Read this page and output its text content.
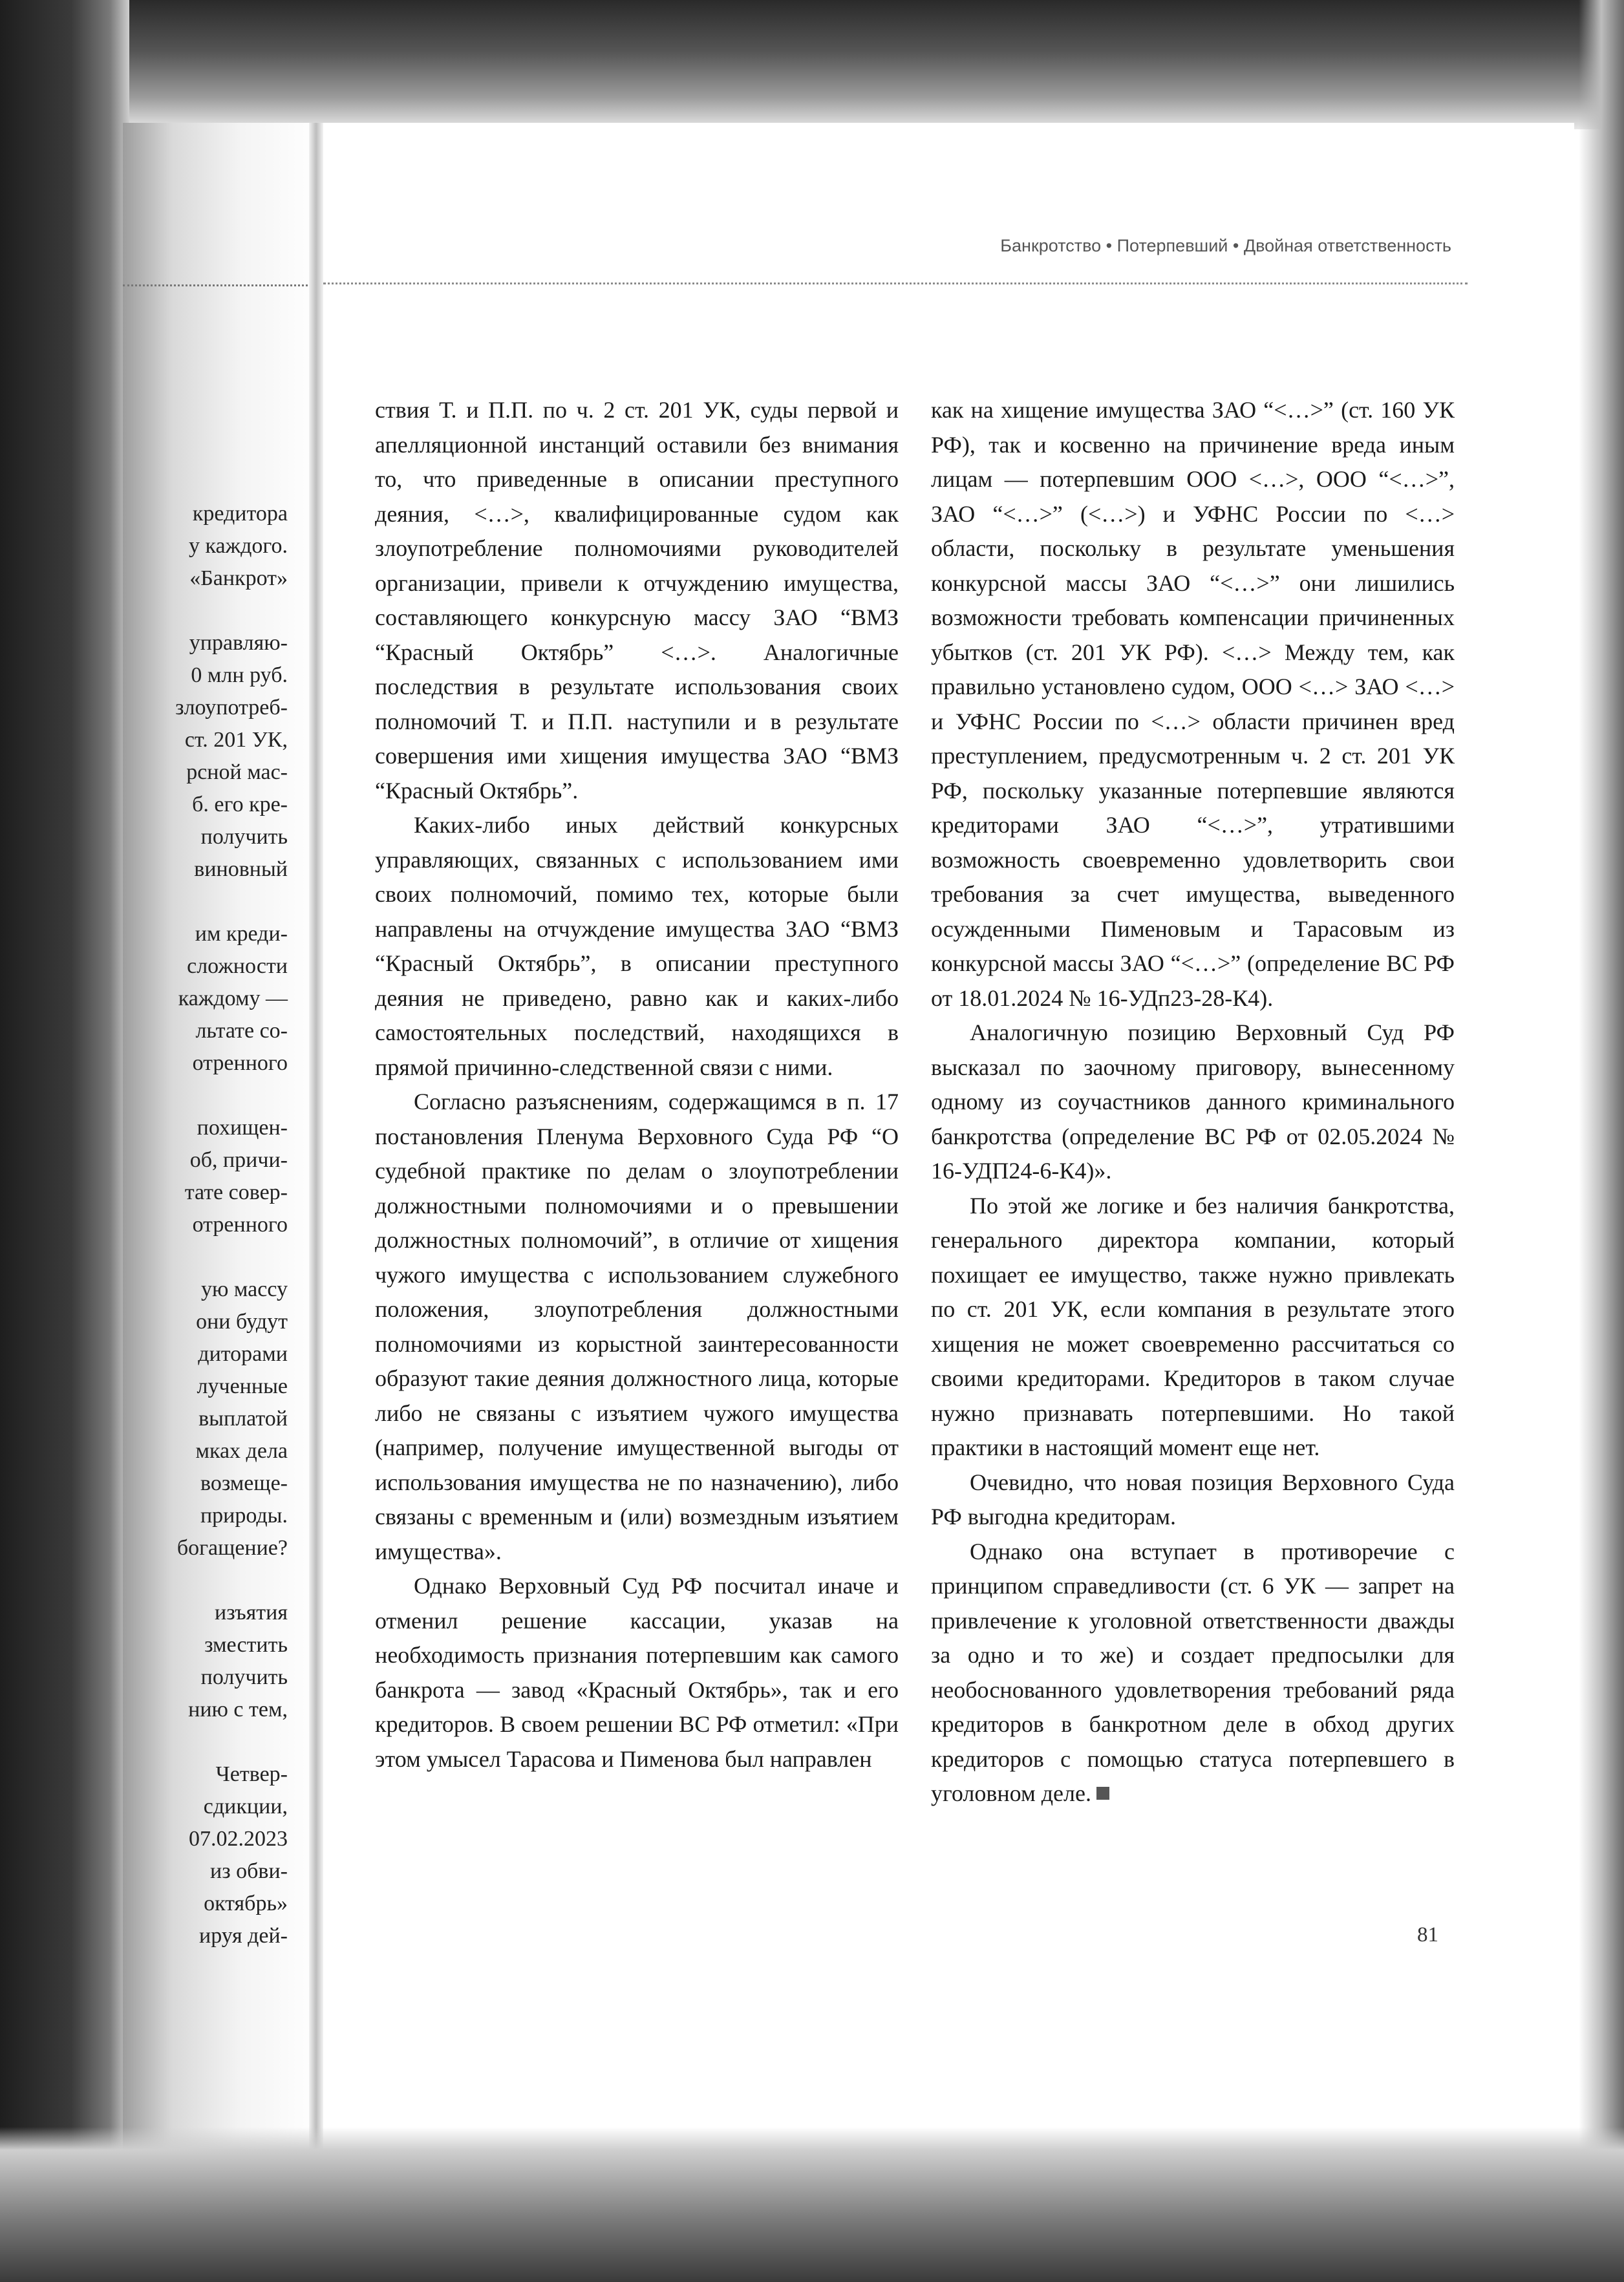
кредитора
у каждого.
«Банкрот»
управляю-
0 млн руб.
злоупотреб-
ст. 201 УК,
рсной мас-
б. его кре-
получить
виновный
им креди-
сложности
каждому —
льтате со-
отренного
похищен-
об, причи-
тате совер-
отренного
ую массу
они будут
диторами
лученные
выплатой
мках дела
возмеще-
природы.
богащение?
изъятия
зместить
получить
нию с тем,
Четвер-
сдикции,
07.02.2023
из обви-
октябрь»
ируя дей-
Банкротство • Потерпевший • Двойная ответственность

ствия Т. и П.П. по ч. 2 ст. 201 УК, суды первой и апелляционной инстанций оставили без внимания то, что приведенные в описании преступного деяния, <…>, квалифицированные судом как злоупотребление полномочиями руководителей организации, привели к отчуждению имущества, составляющего конкурсную массу ЗАО “ВМЗ “Красный Октябрь” <…>. Аналогичные последствия в результате использования своих полномочий Т. и П.П. наступили и в результате совершения ими хищения имущества ЗАО “ВМЗ “Красный Октябрь”.

Каких-либо иных действий конкурсных управляющих, связанных с использованием ими своих полномочий, помимо тех, которые были направлены на отчуждение имущества ЗАО “ВМЗ “Красный Октябрь”, в описании преступного деяния не приведено, равно как и каких-либо самостоятельных последствий, находящихся в прямой причинно-следственной связи с ними.

Согласно разъяснениям, содержащимся в п. 17 постановления Пленума Верховного Суда РФ “О судебной практике по делам о злоупотреблении должностными полномочиями и о превышении должностных полномочий”, в отличие от хищения чужого имущества с использованием служебного положения, злоупотребления должностными полномочиями из корыстной заинтересованности образуют такие деяния должностного лица, которые либо не связаны с изъятием чужого имущества (например, получение имущественной выгоды от использования имущества не по назначению), либо связаны с временным и (или) возмездным изъятием имущества».

Однако Верховный Суд РФ посчитал иначе и отменил решение кассации, указав на необходимость признания потерпевшим как самого банкрота — завод «Красный Октябрь», так и его кредиторов. В своем решении ВС РФ отметил: «При этом умысел Тарасова и Пименова был направлен

как на хищение имущества ЗАО “<…>” (ст. 160 УК РФ), так и косвенно на причинение вреда иным лицам — потерпевшим ООО <…>, ООО “<…>”, ЗАО “<…>” (<…>) и УФНС России по <…> области, поскольку в результате уменьшения конкурсной массы ЗАО “<…>” они лишились возможности требовать компенсации причиненных убытков (ст. 201 УК РФ). <…> Между тем, как правильно установлено судом, ООО <…> ЗАО <…> и УФНС России по <…> области причинен вред преступлением, предусмотренным ч. 2 ст. 201 УК РФ, поскольку указанные потерпевшие являются кредиторами ЗАО “<…>”, утратившими возможность своевременно удовлетворить свои требования за счет имущества, выведенного осужденными Пименовым и Тарасовым из конкурсной массы ЗАО “<…>” (определение ВС РФ от 18.01.2024 № 16-УДп23-28-К4).

Аналогичную позицию Верховный Суд РФ высказал по заочному приговору, вынесенному одному из соучастников данного криминального банкротства (определение ВС РФ от 02.05.2024 № 16-УДП24-6-К4)».

По этой же логике и без наличия банкротства, генерального директора компании, который похищает ее имущество, также нужно привлекать по ст. 201 УК, если компания в результате этого хищения не может своевременно рассчитаться со своими кредиторами. Кредиторов в таком случае нужно признавать потерпевшими. Но такой практики в настоящий момент еще нет.

Очевидно, что новая позиция Верховного Суда РФ выгодна кредиторам.

Однако она вступает в противоречие с принципом справедливости (ст. 6 УК — запрет на привлечение к уголовной ответственности дважды за одно и то же) и создает предпосылки для необоснованного удовлетворения требований ряда кредиторов в банкротном деле в обход других кредиторов с помощью статуса потерпевшего в уголовном деле.

81
